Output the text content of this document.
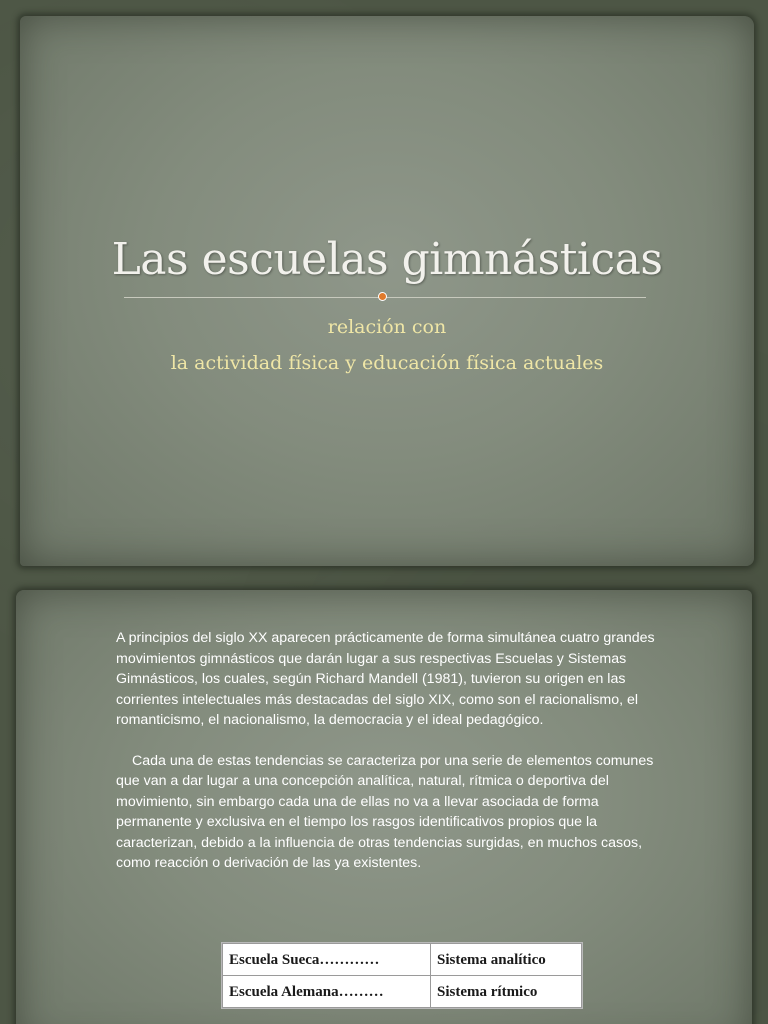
Las escuelas gimnásticas
relación con
la actividad física y educación física actuales

A principios del siglo XX aparecen prácticamente de forma simultánea cuatro grandes movimientos gimnásticos que darán lugar a sus respectivas Escuelas y Sistemas Gimnásticos, los cuales, según Richard Mandell (1981), tuvieron su origen en las corrientes intelectuales más destacadas del siglo XIX, como son el racionalismo, el romanticismo, el nacionalismo, la democracia y el ideal pedagógico.

Cada una de estas tendencias se caracteriza por una serie de elementos comunes que van a dar lugar a una concepción analítica, natural, rítmica o deportiva del movimiento, sin embargo cada una de ellas no va a llevar asociada de forma permanente y exclusiva en el tiempo los rasgos identificativos propios que la caracterizan, debido a la influencia de otras tendencias surgidas, en muchos casos, como reacción o derivación de las ya existentes.

Escuela Sueca…………	Sistema analítico
Escuela Alemana………	Sistema rítmico
